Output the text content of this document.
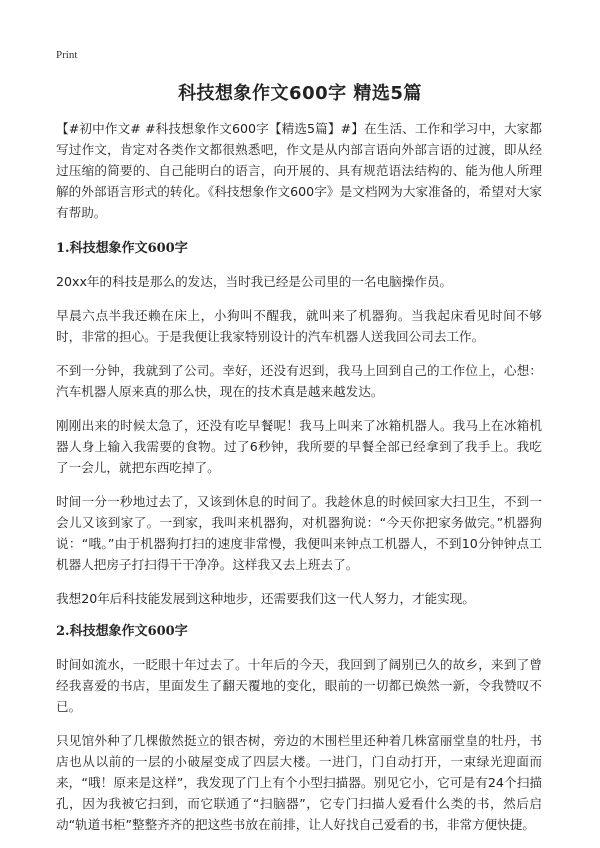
Print
科技想象作文600字 精选5篇

【#初中作文# #科技想象作文600字【精选5篇】#】在生活、工作和学习中，大家都写过作文，肯定对各类作文都很熟悉吧，作文是从内部言语向外部言语的过渡，即从经过压缩的简要的、自己能明白的语言，向开展的、具有规范语法结构的、能为他人所理解的外部语言形式的转化。《科技想象作文600字》是文档网为大家准备的，希望对大家有帮助。

1.科技想象作文600字

20xx年的科技是那么的发达，当时我已经是公司里的一名电脑操作员。

早晨六点半我还赖在床上，小狗叫不醒我，就叫来了机器狗。当我起床看见时间不够时，非常的担心。于是我便让我家特别设计的汽车机器人送我回公司去工作。

不到一分钟，我就到了公司。幸好，还没有迟到，我马上回到自己的工作位上，心想：汽车机器人原来真的那么快，现在的技术真是越来越发达。

刚刚出来的时候太急了，还没有吃早餐呢！我马上叫来了冰箱机器人。我马上在冰箱机器人身上输入我需要的食物。过了6秒钟，我所要的早餐全部已经拿到了我手上。我吃了一会儿，就把东西吃掉了。

时间一分一秒地过去了，又该到休息的时间了。我趁休息的时候回家大扫卫生，不到一会儿又该到家了。一到家，我叫来机器狗，对机器狗说：“今天你把家务做完。”机器狗说：“哦。”由于机器狗打扫的速度非常慢，我便叫来钟点工机器人，不到10分钟钟点工机器人把房子打扫得干干净净。这样我又去上班去了。

我想20年后科技能发展到这种地步，还需要我们这一代人努力，才能实现。

2.科技想象作文600字

时间如流水，一眨眼十年过去了。十年后的今天，我回到了阔别已久的故乡，来到了曾经我喜爱的书店，里面发生了翻天覆地的变化，眼前的一切都已焕然一新，令我赞叹不已。

只见馆外种了几棵傲然挺立的银杏树，旁边的木围栏里还种着几株富丽堂皇的牡丹，书店也从以前的一层的小破屋变成了四层大楼。一进门，门自动打开，一束绿光迎面而来，“哦！原来是这样”，我发现了门上有个小型扫描器。别见它小，它可是有24个扫描孔，因为我被它扫到，而它联通了“扫脑器”，它专门扫描人爱看什么类的书，然后启动“轨道书柜”整整齐齐的把这些书放在前排，让人好找自己爱看的书，非常方便快捷。
